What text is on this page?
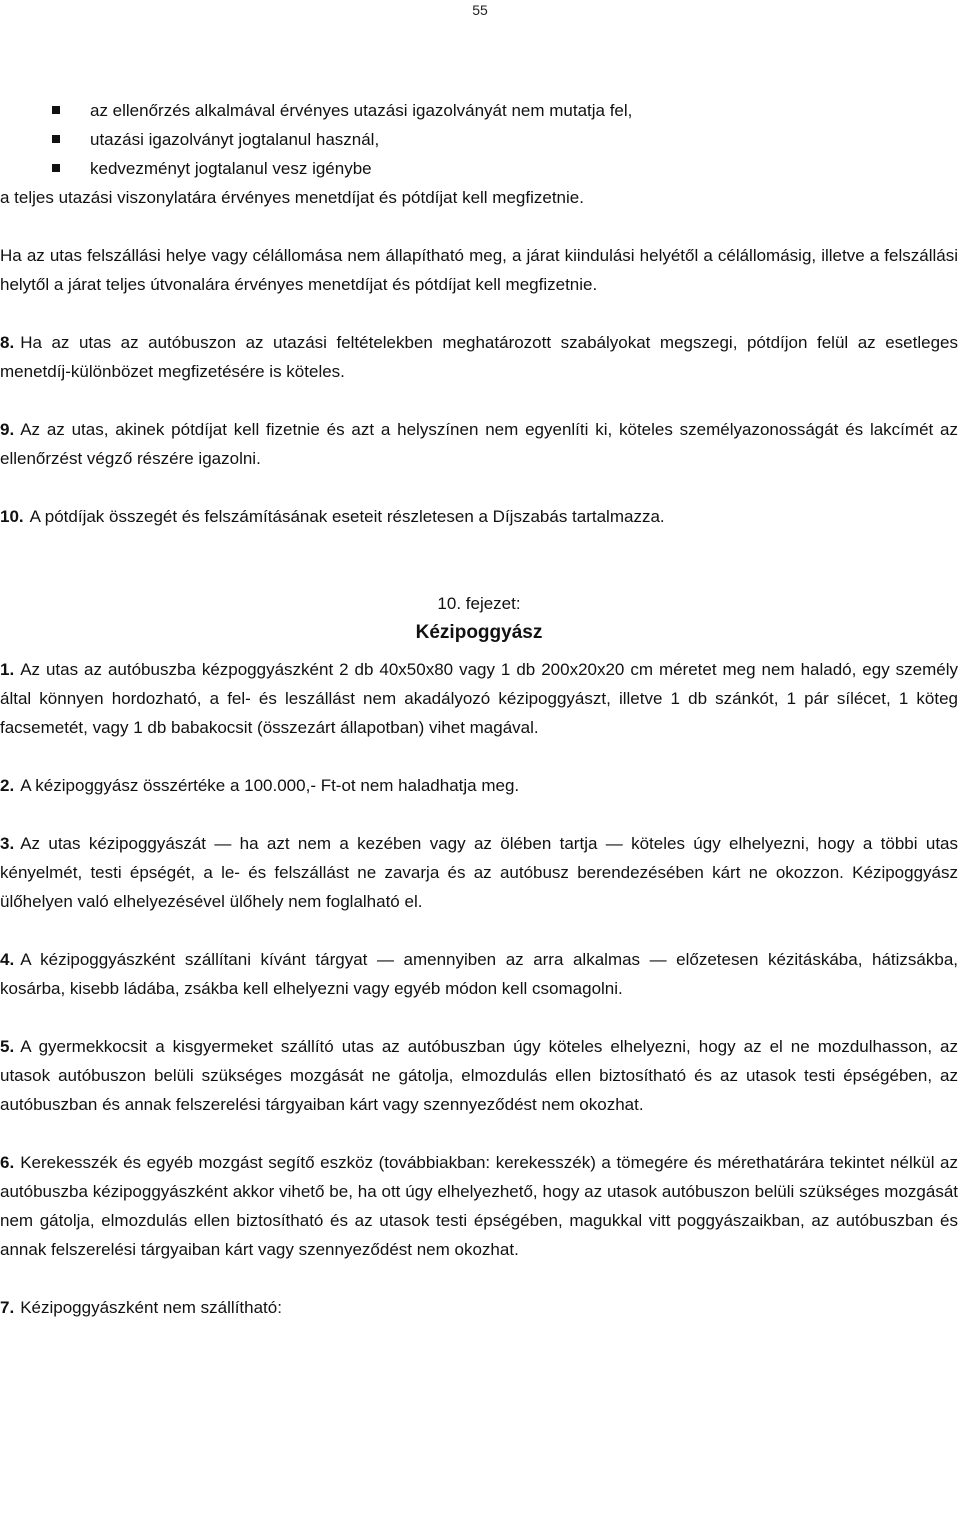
55
az ellenőrzés alkalmával érvényes utazási igazolványát nem mutatja fel,
utazási igazolványt jogtalanul használ,
kedvezményt jogtalanul vesz igénybe

a teljes utazási viszonylatára érvényes menetdíjat és pótdíjat kell megfizetnie.

Ha az utas felszállási helye vagy célállomása nem állapítható meg, a járat kiindulási helyétől a célállomásig, illetve a felszállási helytől a járat teljes útvonalára érvényes menetdíjat és pótdíjat kell megfizetnie.

8. Ha az utas az autóbuszon az utazási feltételekben meghatározott szabályokat megszegi, pótdíjon felül az esetleges menetdíj-különbözet megfizetésére is köteles.

9. Az az utas, akinek pótdíjat kell fizetnie és azt a helyszínen nem egyenlíti ki, köteles személyazonosságát és lakcímét az ellenőrzést végző részére igazolni.

10. A pótdíjak összegét és felszámításának eseteit részletesen a Díjszabás tartalmazza.

10. fejezet:
Kézipoggyász

1. Az utas az autóbuszba kézpoggyászként 2 db 40x50x80 vagy 1 db 200x20x20 cm méretet meg nem haladó, egy személy által könnyen hordozható, a fel- és leszállást nem akadályozó kézipoggyászt, illetve 1 db szánkót, 1 pár sílécet, 1 köteg facsemetét, vagy 1 db babakocsit (összezárt állapotban) vihet magával.

2. A kézipoggyász összértéke a 100.000,- Ft-ot nem haladhatja meg.

3. Az utas kézipoggyászát — ha azt nem a kezében vagy az ölében tartja — köteles úgy elhelyezni, hogy a többi utas kényelmét, testi épségét, a le- és felszállást ne zavarja és az autóbusz berendezésében kárt ne okozzon. Kézipoggyász ülőhelyen való elhelyezésével ülőhely nem foglalható el.

4. A kézipoggyászként szállítani kívánt tárgyat — amennyiben az arra alkalmas — előzetesen kézitáskába, hátizsákba, kosárba, kisebb ládába, zsákba kell elhelyezni vagy egyéb módon kell csomagolni.

5. A gyermekkocsit a kisgyermeket szállító utas az autóbuszban úgy köteles elhelyezni, hogy az el ne mozdulhasson, az utasok autóbuszon belüli szükséges mozgását ne gátolja, elmozdulás ellen biztosítható és az utasok testi épségében, az autóbuszban és annak felszerelési tárgyaiban kárt vagy szennyeződést nem okozhat.

6. Kerekesszék és egyéb mozgást segítő eszköz (továbbiakban: kerekesszék) a tömegére és mérethatárára tekintet nélkül az autóbuszba kézipoggyászként akkor vihető be, ha ott úgy elhelyezhető, hogy az utasok autóbuszon belüli szükséges mozgását nem gátolja, elmozdulás ellen biztosítható és az utasok testi épségében, magukkal vitt poggyászaikban, az autóbuszban és annak felszerelési tárgyaiban kárt vagy szennyeződést nem okozhat.

7. Kézipoggyászként nem szállítható:
